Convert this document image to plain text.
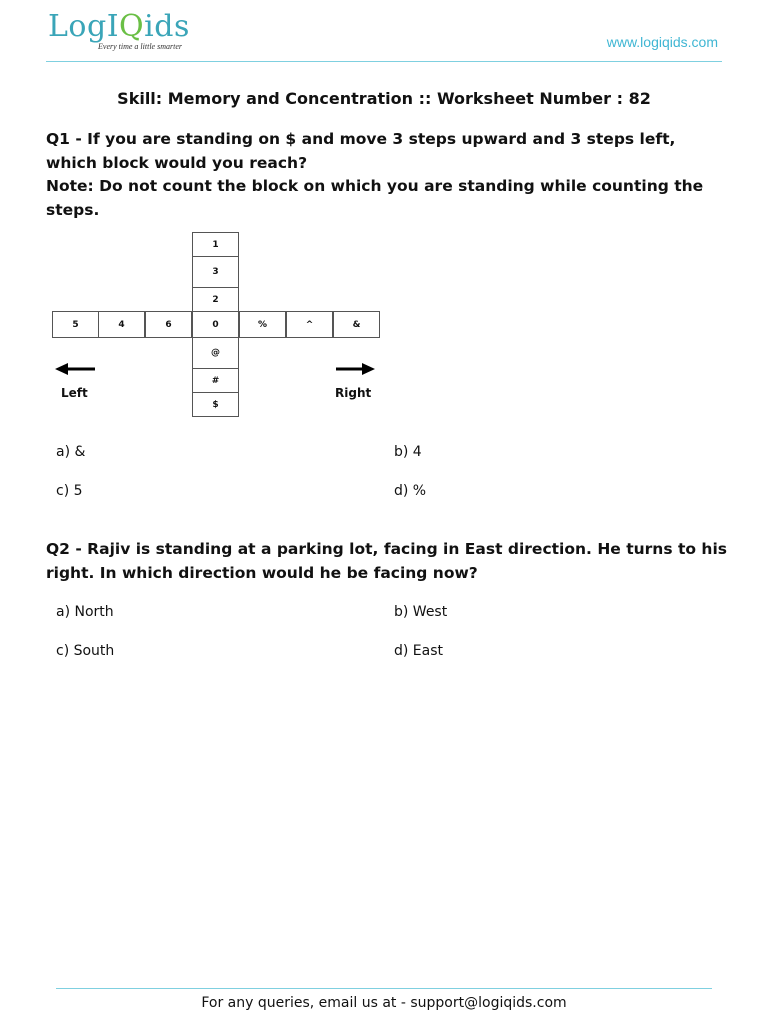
LogIQids
Every time a little smarter	www.logiqids.com
Skill: Memory and Concentration :: Worksheet Number : 82
Q1 - If you are standing on $ and move 3 steps upward and 3 steps left,
which block would you reach?
Note: Do not count the block on which you are standing while counting the
steps.
1
3
2
5	4	6	0	%	^	&
@
#
$
Left	Right
a) &	b) 4
c) 5	d) %
Q2 - Rajiv is standing at a parking lot, facing in East direction. He turns to his
right. In which direction would he be facing now?
a) North	b) West
c) South	d) East
For any queries, email us at - support@logiqids.com
